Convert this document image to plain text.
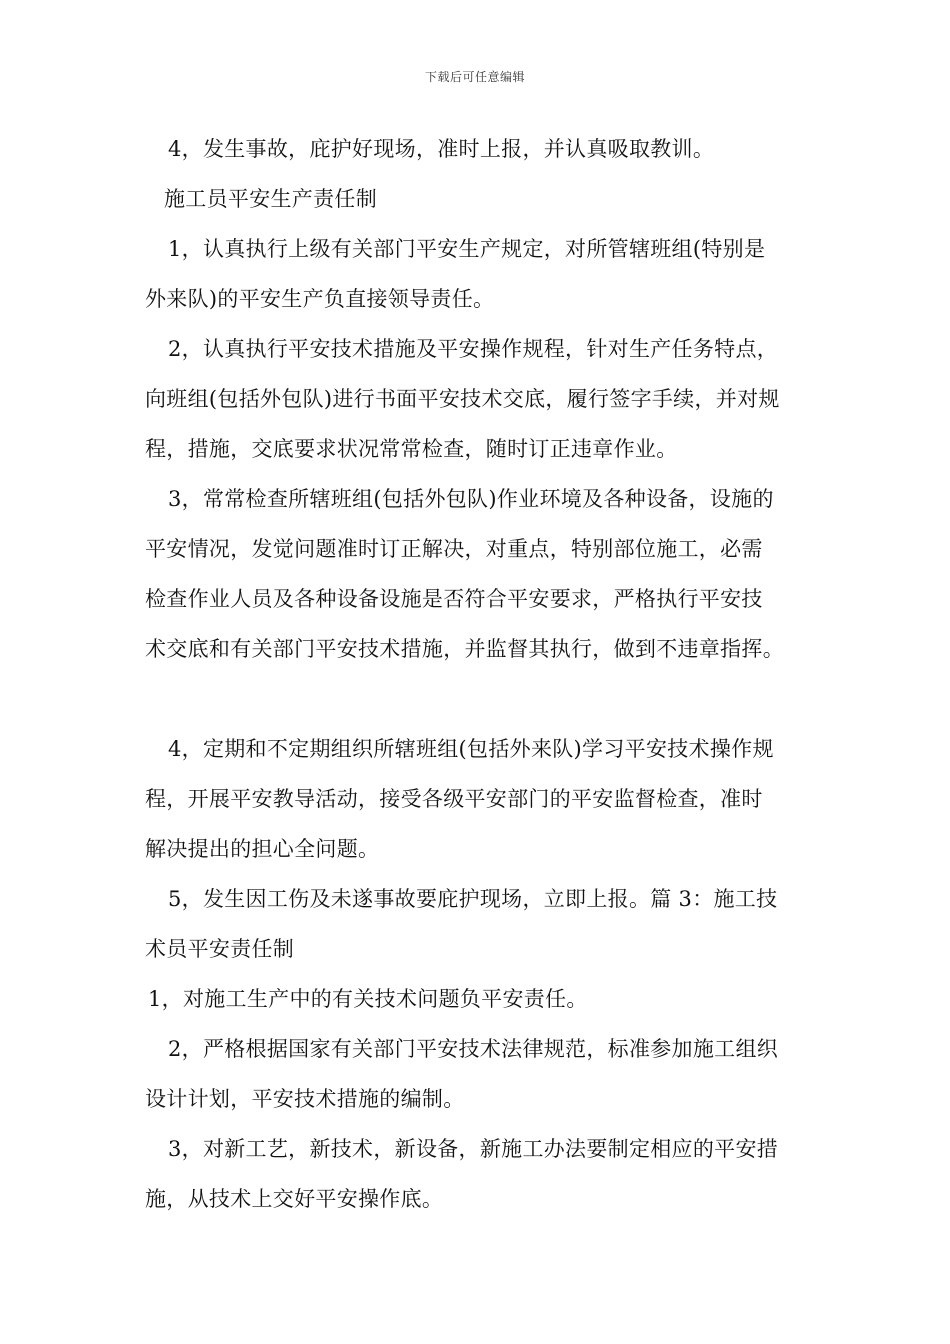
下载后可任意编辑
4，发生事故，庇护好现场，准时上报，并认真吸取教训。
施工员平安生产责任制
1，认真执行上级有关部门平安生产规定，对所管辖班组(特别是
外来队)的平安生产负直接领导责任。
2，认真执行平安技术措施及平安操作规程，针对生产任务特点，
向班组(包括外包队)进行书面平安技术交底，履行签字手续，并对规
程，措施，交底要求状况常常检查，随时订正违章作业。
3，常常检查所辖班组(包括外包队)作业环境及各种设备，设施的
平安情况，发觉问题准时订正解决，对重点，特别部位施工，必需
检查作业人员及各种设备设施是否符合平安要求，严格执行平安技
术交底和有关部门平安技术措施，并监督其执行，做到不违章指挥。
4，定期和不定期组织所辖班组(包括外来队)学习平安技术操作规
程，开展平安教导活动，接受各级平安部门的平安监督检查，准时
解决提出的担心全问题。
5，发生因工伤及未遂事故要庇护现场，立即上报。篇 3：施工技
术员平安责任制
1，对施工生产中的有关技术问题负平安责任。
2，严格根据国家有关部门平安技术法律规范，标准参加施工组织
设计计划，平安技术措施的编制。
3，对新工艺，新技术，新设备，新施工办法要制定相应的平安措
施，从技术上交好平安操作底。
